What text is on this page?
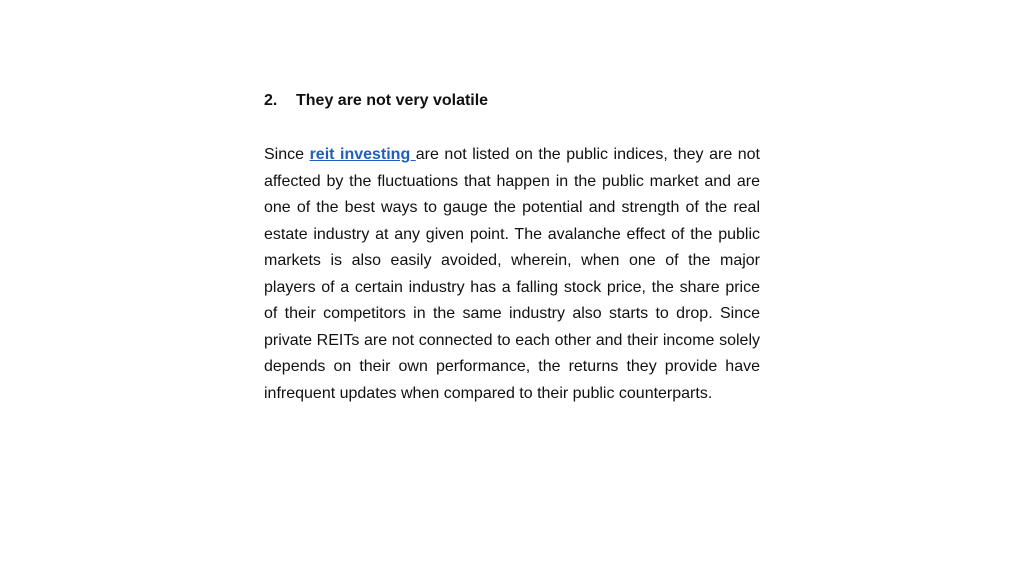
2.	They are not very volatile

Since reit investing are not listed on the public indices, they are not affected by the fluctuations that happen in the public market and are one of the best ways to gauge the potential and strength of the real estate industry at any given point. The avalanche effect of the public markets is also easily avoided, wherein, when one of the major players of a certain industry has a falling stock price, the share price of their competitors in the same industry also starts to drop. Since private REITs are not connected to each other and their income solely depends on their own performance, the returns they provide have infrequent updates when compared to their public counterparts.
